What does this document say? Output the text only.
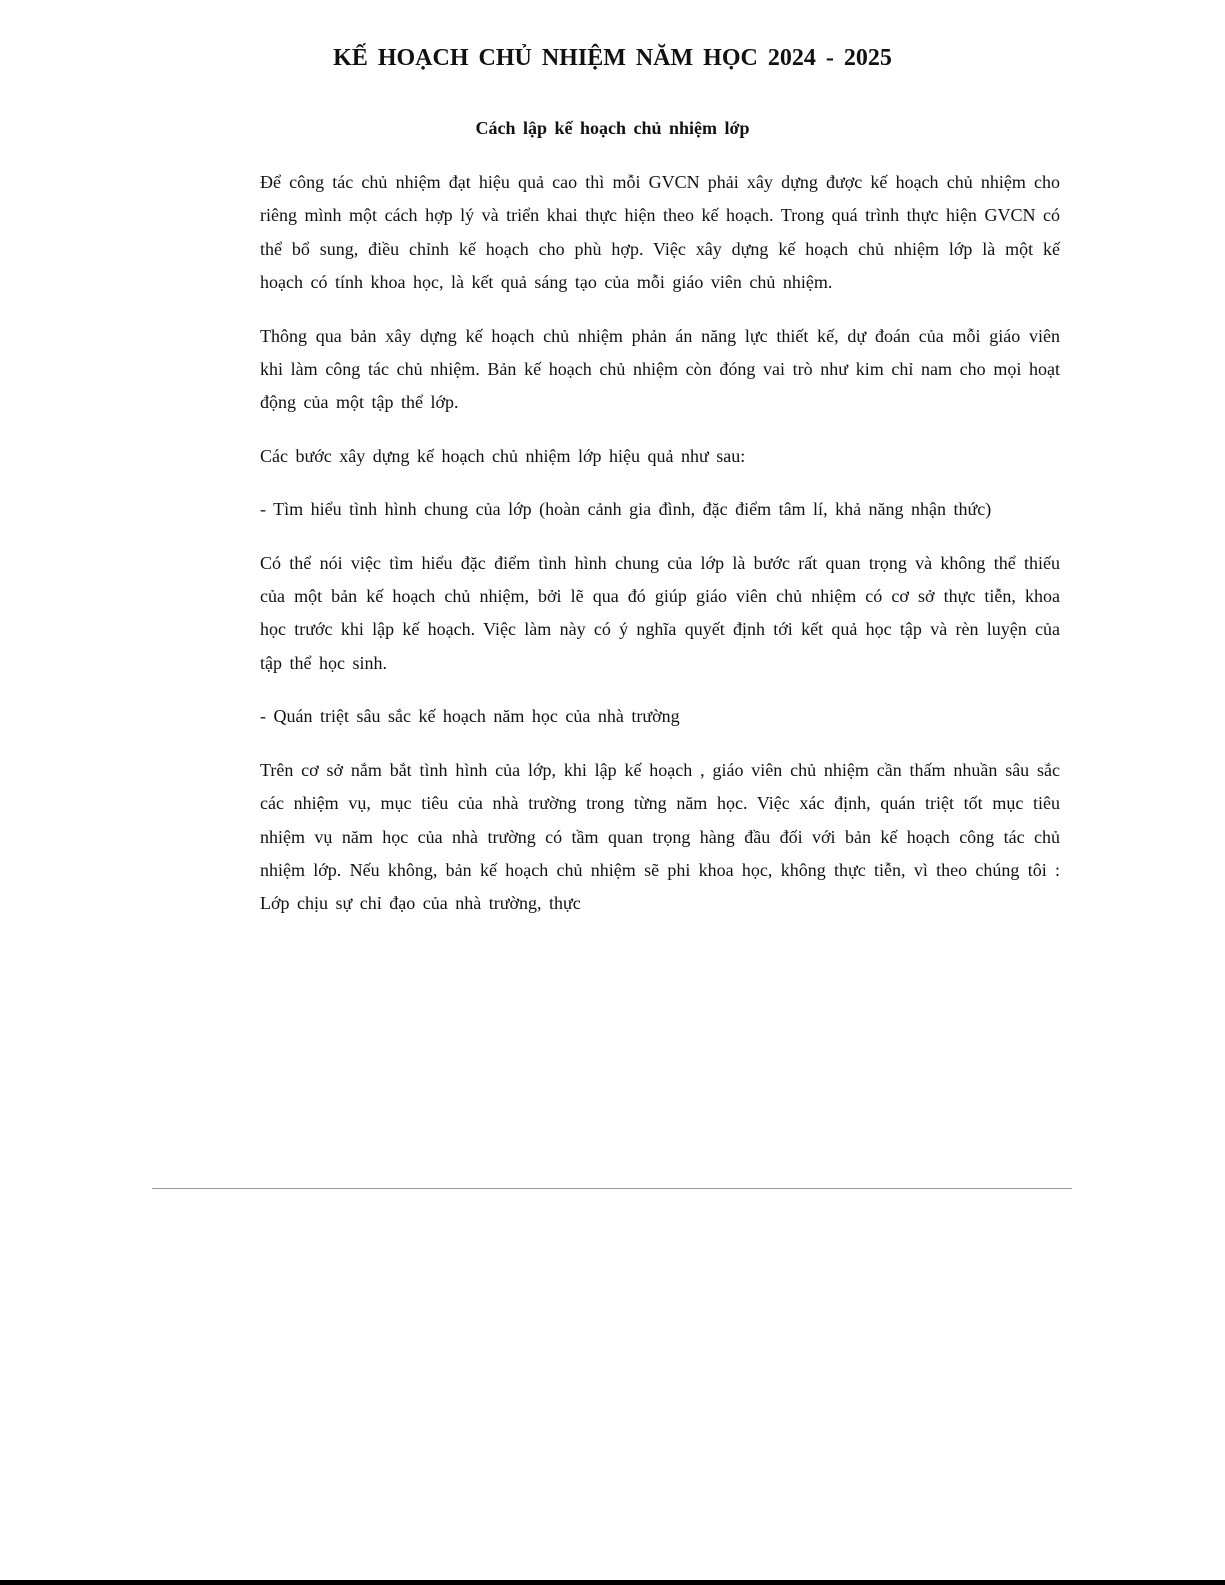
KẾ HOẠCH CHỦ NHIỆM NĂM HỌC 2024 - 2025
Cách lập kế hoạch chủ nhiệm lớp

Để công tác chủ nhiệm đạt hiệu quả cao thì mỗi GVCN phải xây dựng được kế hoạch chủ nhiệm cho riêng mình một cách hợp lý và triển khai thực hiện theo kế hoạch. Trong quá trình thực hiện GVCN có thể bổ sung, điều chỉnh kế hoạch cho phù hợp. Việc xây dựng kế hoạch chủ nhiệm lớp là một kế hoạch có tính khoa học, là kết quả sáng tạo của mỗi giáo viên chủ nhiệm.

Thông qua bản xây dựng kế hoạch chủ nhiệm phản án năng lực thiết kế, dự đoán của mỗi giáo viên khi làm công tác chủ nhiệm. Bản kế hoạch chủ nhiệm còn đóng vai trò như kim chỉ nam cho mọi hoạt động của một tập thể lớp.

Các bước xây dựng kế hoạch chủ nhiệm lớp hiệu quả như sau:

- Tìm hiểu tình hình chung của lớp (hoàn cảnh gia đình, đặc điểm tâm lí, khả năng nhận thức)

Có thể nói việc tìm hiểu đặc điểm tình hình chung của lớp là bước rất quan trọng và không thể thiếu của một bản kế hoạch chủ nhiệm, bởi lẽ qua đó giúp giáo viên chủ nhiệm có cơ sở thực tiễn, khoa học trước khi lập kế hoạch. Việc làm này có ý nghĩa quyết định tới kết quả học tập và rèn luyện của tập thể học sinh.

- Quán triệt sâu sắc kế hoạch năm học của nhà trường

Trên cơ sở nắm bắt tình hình của lớp, khi lập kế hoạch , giáo viên chủ nhiệm cần thấm nhuần sâu sắc các nhiệm vụ, mục tiêu của nhà trường trong từng năm học. Việc xác định, quán triệt tốt mục tiêu nhiệm vụ năm học của nhà trường có tầm quan trọng hàng đầu đối với bản kế hoạch công tác chủ nhiệm lớp. Nếu không, bản kế hoạch chủ nhiệm sẽ phi khoa học, không thực tiễn, vì theo chúng tôi : Lớp chịu sự chỉ đạo của nhà trường, thực
